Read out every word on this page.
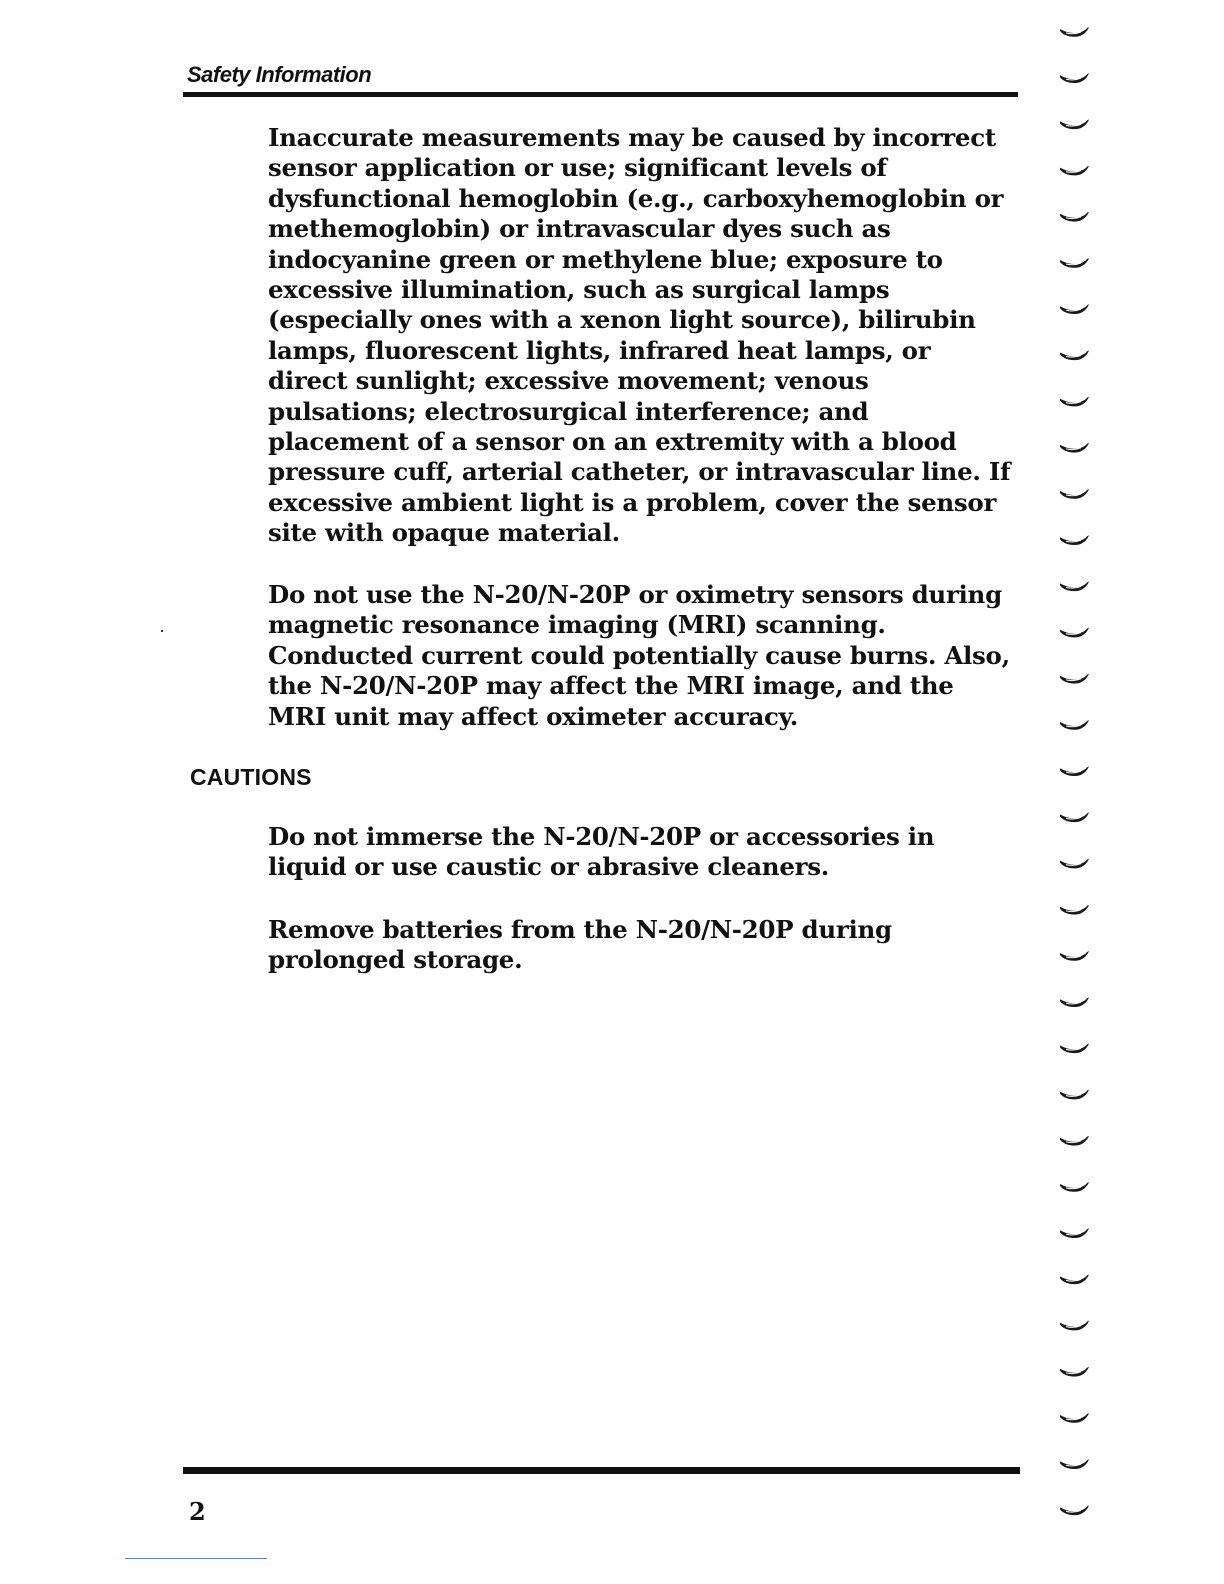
Safety Information

Inaccurate measurements may be caused by incorrect sensor application or use; significant levels of dysfunctional hemoglobin (e.g., carboxyhemoglobin or methemoglobin) or intravascular dyes such as indocyanine green or methylene blue; exposure to excessive illumination, such as surgical lamps (especially ones with a xenon light source), bilirubin lamps, fluorescent lights, infrared heat lamps, or direct sunlight; excessive movement; venous pulsations; electrosurgical interference; and placement of a sensor on an extremity with a blood pressure cuff, arterial catheter, or intravascular line. If excessive ambient light is a problem, cover the sensor site with opaque material.

Do not use the N-20/N-20P or oximetry sensors during magnetic resonance imaging (MRI) scanning. Conducted current could potentially cause burns. Also, the N-20/N-20P may affect the MRI image, and the MRI unit may affect oximeter accuracy.

CAUTIONS

Do not immerse the N-20/N-20P or accessories in liquid or use caustic or abrasive cleaners.

Remove batteries from the N-20/N-20P during prolonged storage.

2
